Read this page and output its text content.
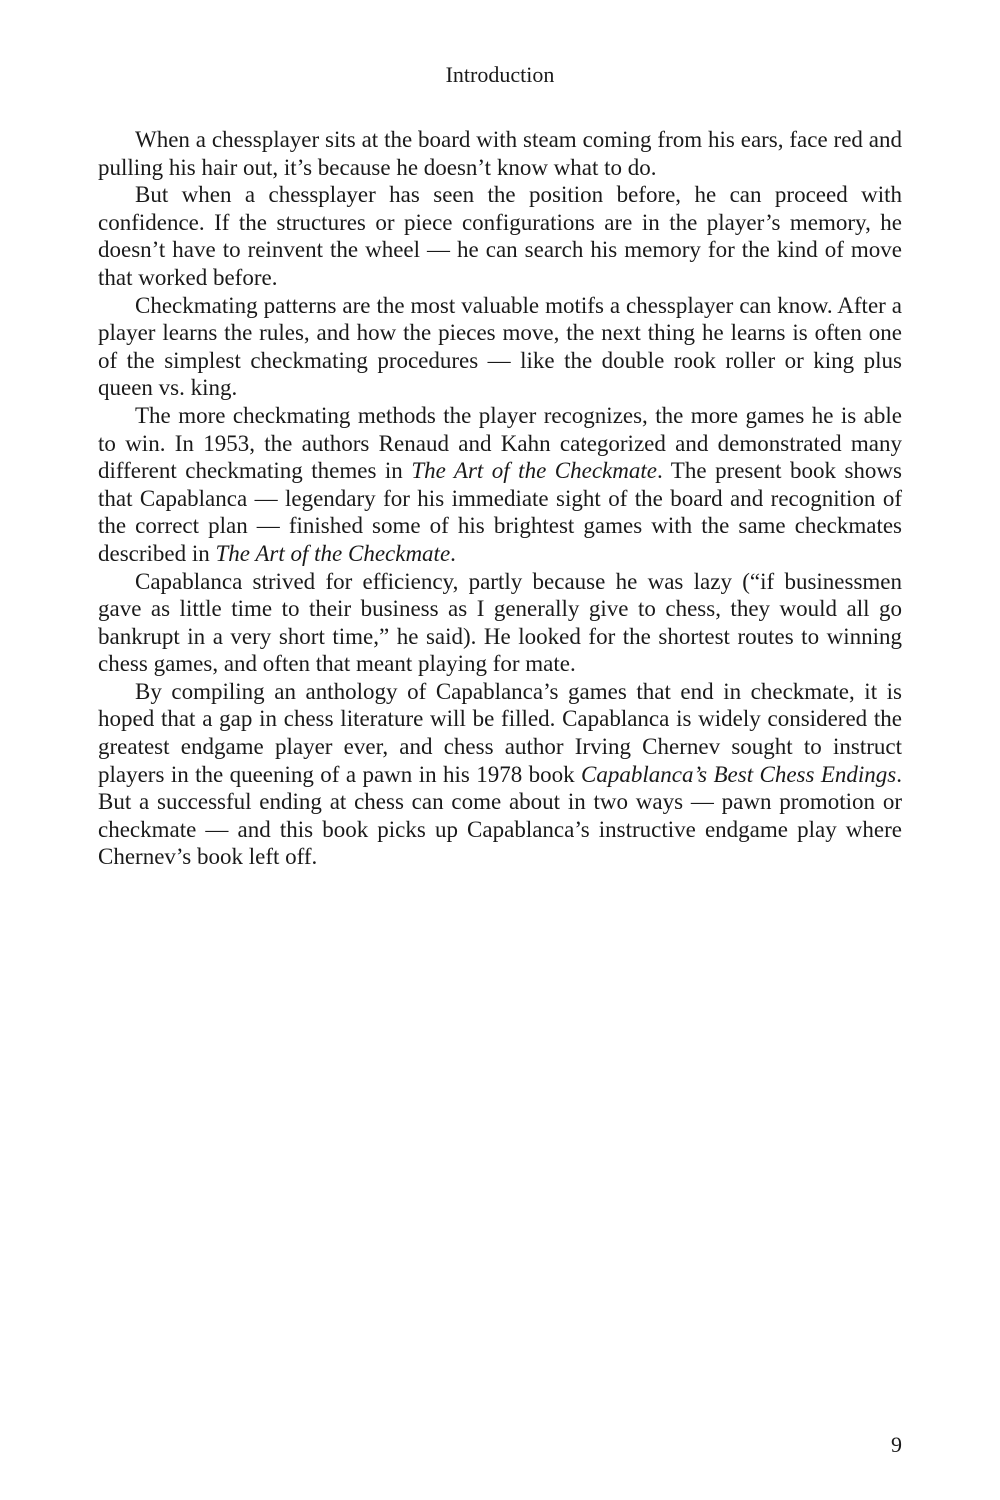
Introduction

When a chessplayer sits at the board with steam coming from his ears, face red and pulling his hair out, it’s because he doesn’t know what to do.

But when a chessplayer has seen the position before, he can proceed with confidence. If the structures or piece configurations are in the player’s memory, he doesn’t have to reinvent the wheel — he can search his memory for the kind of move that worked before.

Checkmating patterns are the most valuable motifs a chessplayer can know. After a player learns the rules, and how the pieces move, the next thing he learns is often one of the simplest checkmating procedures — like the double rook roller or king plus queen vs. king.

The more checkmating methods the player recognizes, the more games he is able to win. In 1953, the authors Renaud and Kahn categorized and demonstrated many different checkmating themes in The Art of the Checkmate. The present book shows that Capablanca — legendary for his immediate sight of the board and recognition of the correct plan — finished some of his brightest games with the same checkmates described in The Art of the Checkmate.

Capablanca strived for efficiency, partly because he was lazy (“if businessmen gave as little time to their business as I generally give to chess, they would all go bankrupt in a very short time,” he said). He looked for the shortest routes to winning chess games, and often that meant playing for mate.

By compiling an anthology of Capablanca’s games that end in checkmate, it is hoped that a gap in chess literature will be filled. Capablanca is widely considered the greatest endgame player ever, and chess author Irving Chernev sought to instruct players in the queening of a pawn in his 1978 book Capablanca’s Best Chess Endings. But a successful ending at chess can come about in two ways — pawn promotion or checkmate — and this book picks up Capablanca’s instructive endgame play where Chernev’s book left off.

9
